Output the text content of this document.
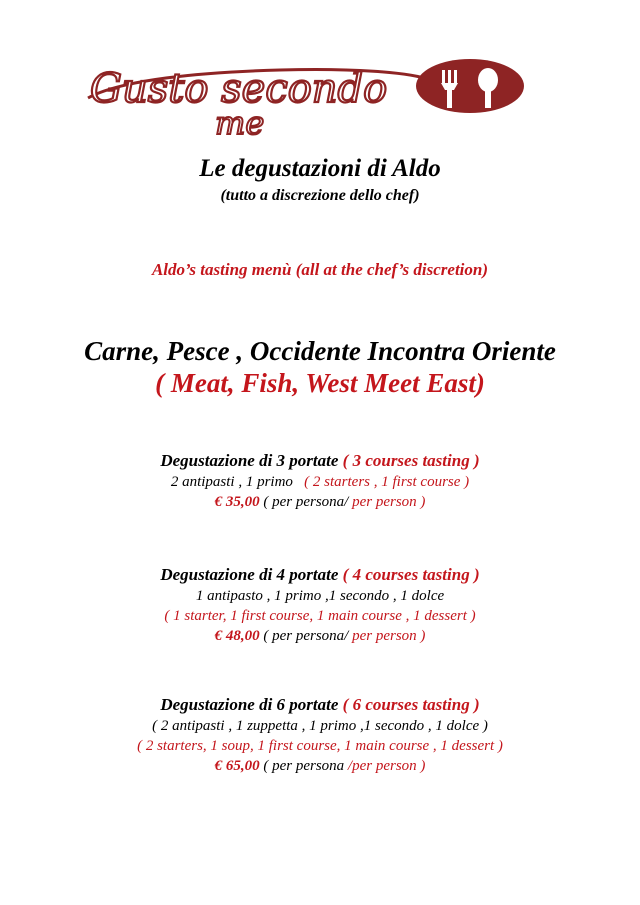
Gusto secondo
me
Le degustazioni di Aldo
(tutto a discrezione dello chef)
Aldo’s tasting menù (all at the chef’s discretion)
Carne, Pesce , Occidente Incontra Oriente
( Meat, Fish, West Meet East)
Degustazione di 3 portate ( 3 courses tasting )
2 antipasti , 1 primo ( 2 starters , 1 first course )
€ 35,00 ( per persona/ per person )
Degustazione di 4 portate ( 4 courses tasting )
1 antipasto , 1 primo ,1 secondo , 1 dolce
( 1 starter, 1 first course, 1 main course , 1 dessert )
€ 48,00 ( per persona/ per person )
Degustazione di 6 portate ( 6 courses tasting )
( 2 antipasti , 1 zuppetta , 1 primo ,1 secondo , 1 dolce )
( 2 starters, 1 soup, 1 first course, 1 main course , 1 dessert )
€ 65,00 ( per persona /per person )
